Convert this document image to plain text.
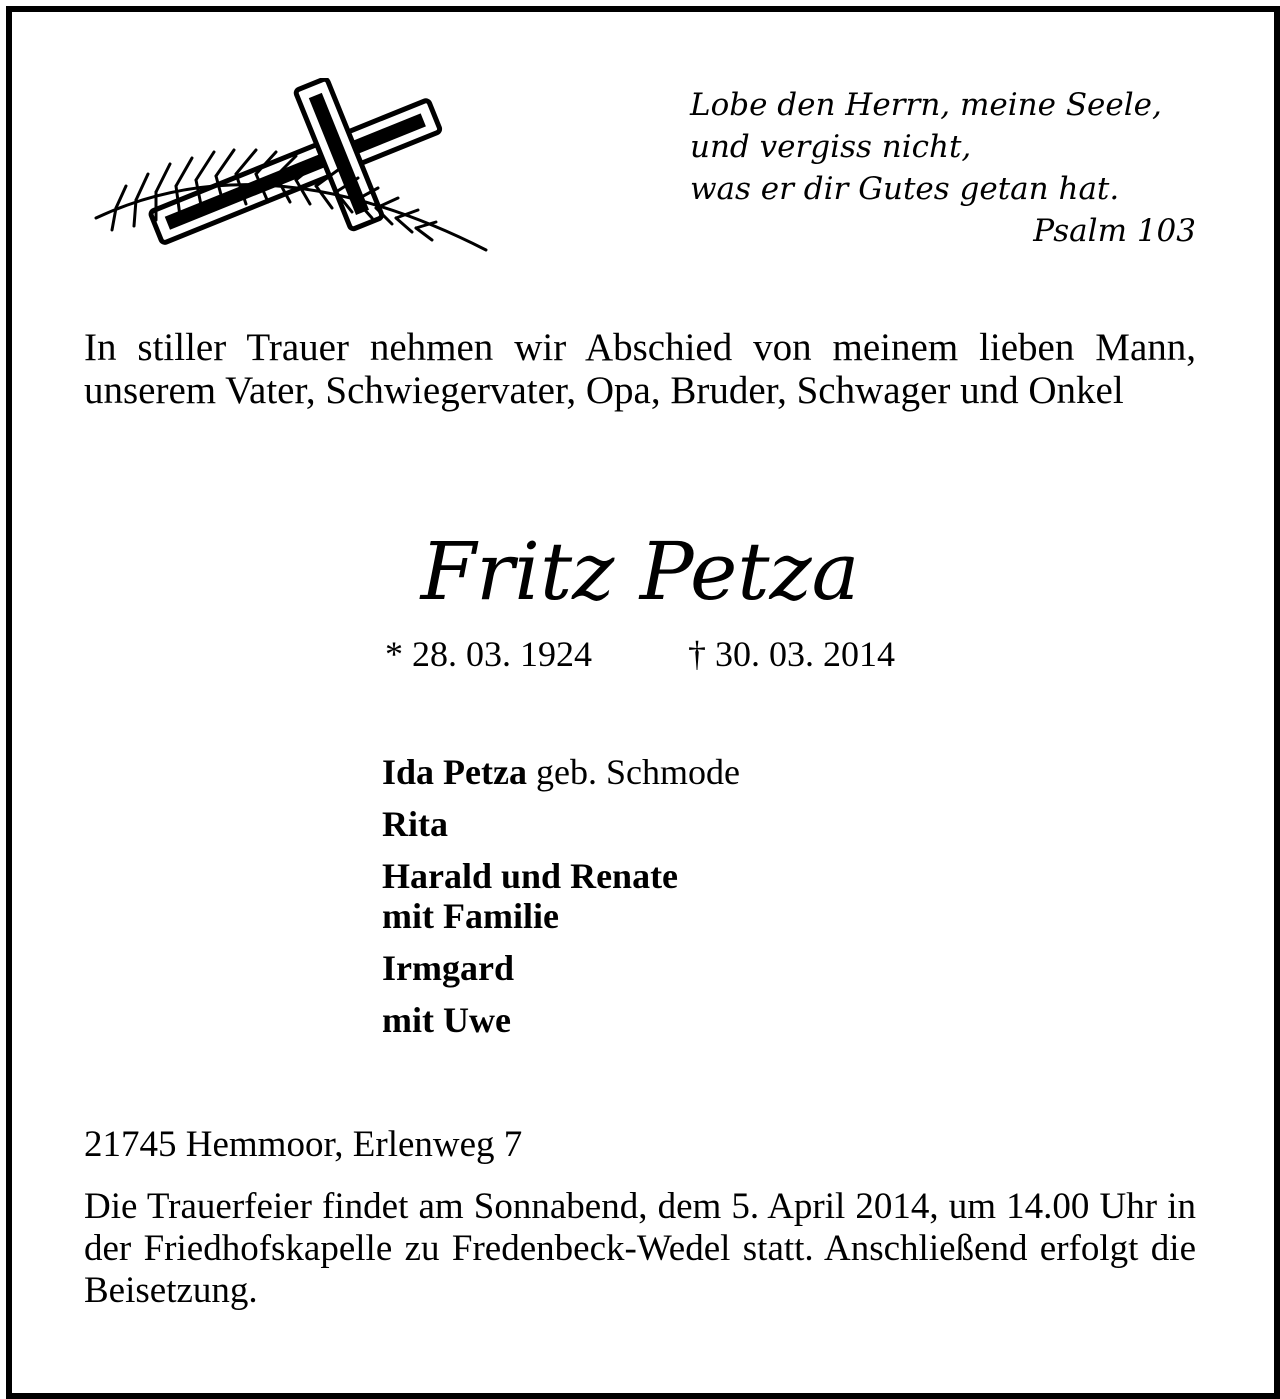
Lobe den Herrn, meine Seele,
und vergiss nicht,
was er dir Gutes getan hat.
Psalm 103
In stiller Trauer nehmen wir Abschied von meinem lieben Mann, unserem Vater, Schwiegervater, Opa, Bruder, Schwager und Onkel
Fritz Petza
* 28. 03. 1924	† 30. 03. 2014
Ida Petza geb. Schmode
Rita
Harald und Renate
mit Familie
Irmgard
mit Uwe
21745 Hemmoor, Erlenweg 7
Die Trauerfeier findet am Sonnabend, dem 5. April 2014, um 14.00 Uhr in der Friedhofskapelle zu Fredenbeck-Wedel statt. Anschließend erfolgt die Beisetzung.
